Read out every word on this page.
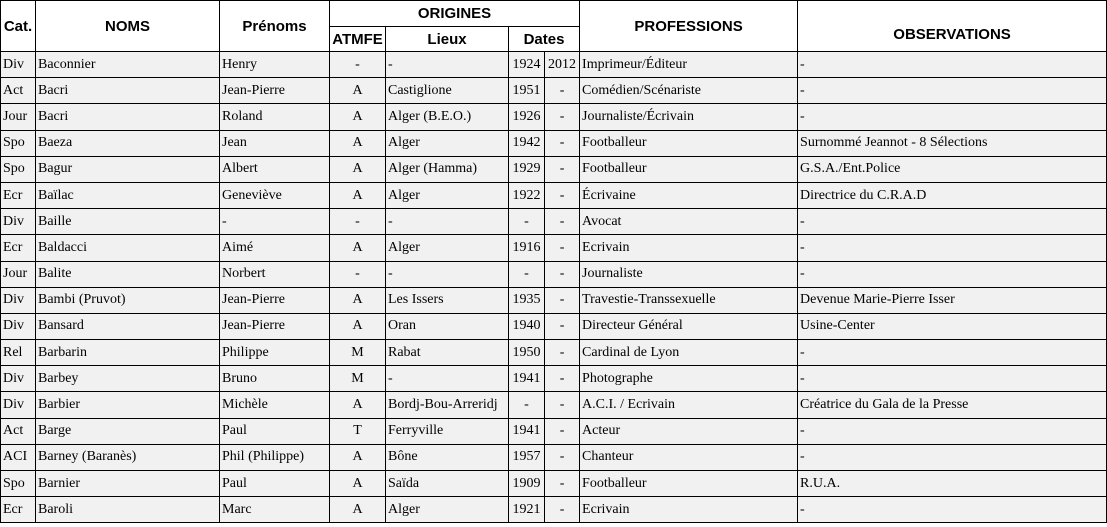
Cat.	NOMS	Prénoms	ORIGINES				PROFESSIONS	OBSERVATIONS
			ATMFE	Lieux	Dates			
Div	Baconnier	Henry	-	-	1924	2012	Imprimeur/Éditeur	-
Act	Bacri	Jean-Pierre	A	Castiglione	1951	-	Comédien/Scénariste	-
Jour	Bacri	Roland	A	Alger (B.E.O.)	1926	-	Journaliste/Écrivain	-
Spo	Baeza	Jean	A	Alger	1942	-	Footballeur	Surnommé Jeannot - 8 Sélections
Spo	Bagur	Albert	A	Alger (Hamma)	1929	-	Footballeur	G.S.A./Ent.Police
Ecr	Baïlac	Geneviève	A	Alger	1922	-	Écrivaine	Directrice du C.R.A.D
Div	Baille	-	-	-	-	-	Avocat	-
Ecr	Baldacci	Aimé	A	Alger	1916	-	Ecrivain	-
Jour	Balite	Norbert	-	-	-	-	Journaliste	-
Div	Bambi (Pruvot)	Jean-Pierre	A	Les Issers	1935	-	Travestie-Transsexuelle	Devenue Marie-Pierre Isser
Div	Bansard	Jean-Pierre	A	Oran	1940	-	Directeur Général	Usine-Center
Rel	Barbarin	Philippe	M	Rabat	1950	-	Cardinal de Lyon	-
Div	Barbey	Bruno	M	-	1941	-	Photographe	-
Div	Barbier	Michèle	A	Bordj-Bou-Arreridj	-	-	A.C.I. / Ecrivain	Créatrice du Gala de la Presse
Act	Barge	Paul	T	Ferryville	1941	-	Acteur	-
ACI	Barney (Baranès)	Phil (Philippe)	A	Bône	1957	-	Chanteur	-
Spo	Barnier	Paul	A	Saïda	1909	-	Footballeur	R.U.A.
Ecr	Baroli	Marc	A	Alger	1921	-	Ecrivain	-
